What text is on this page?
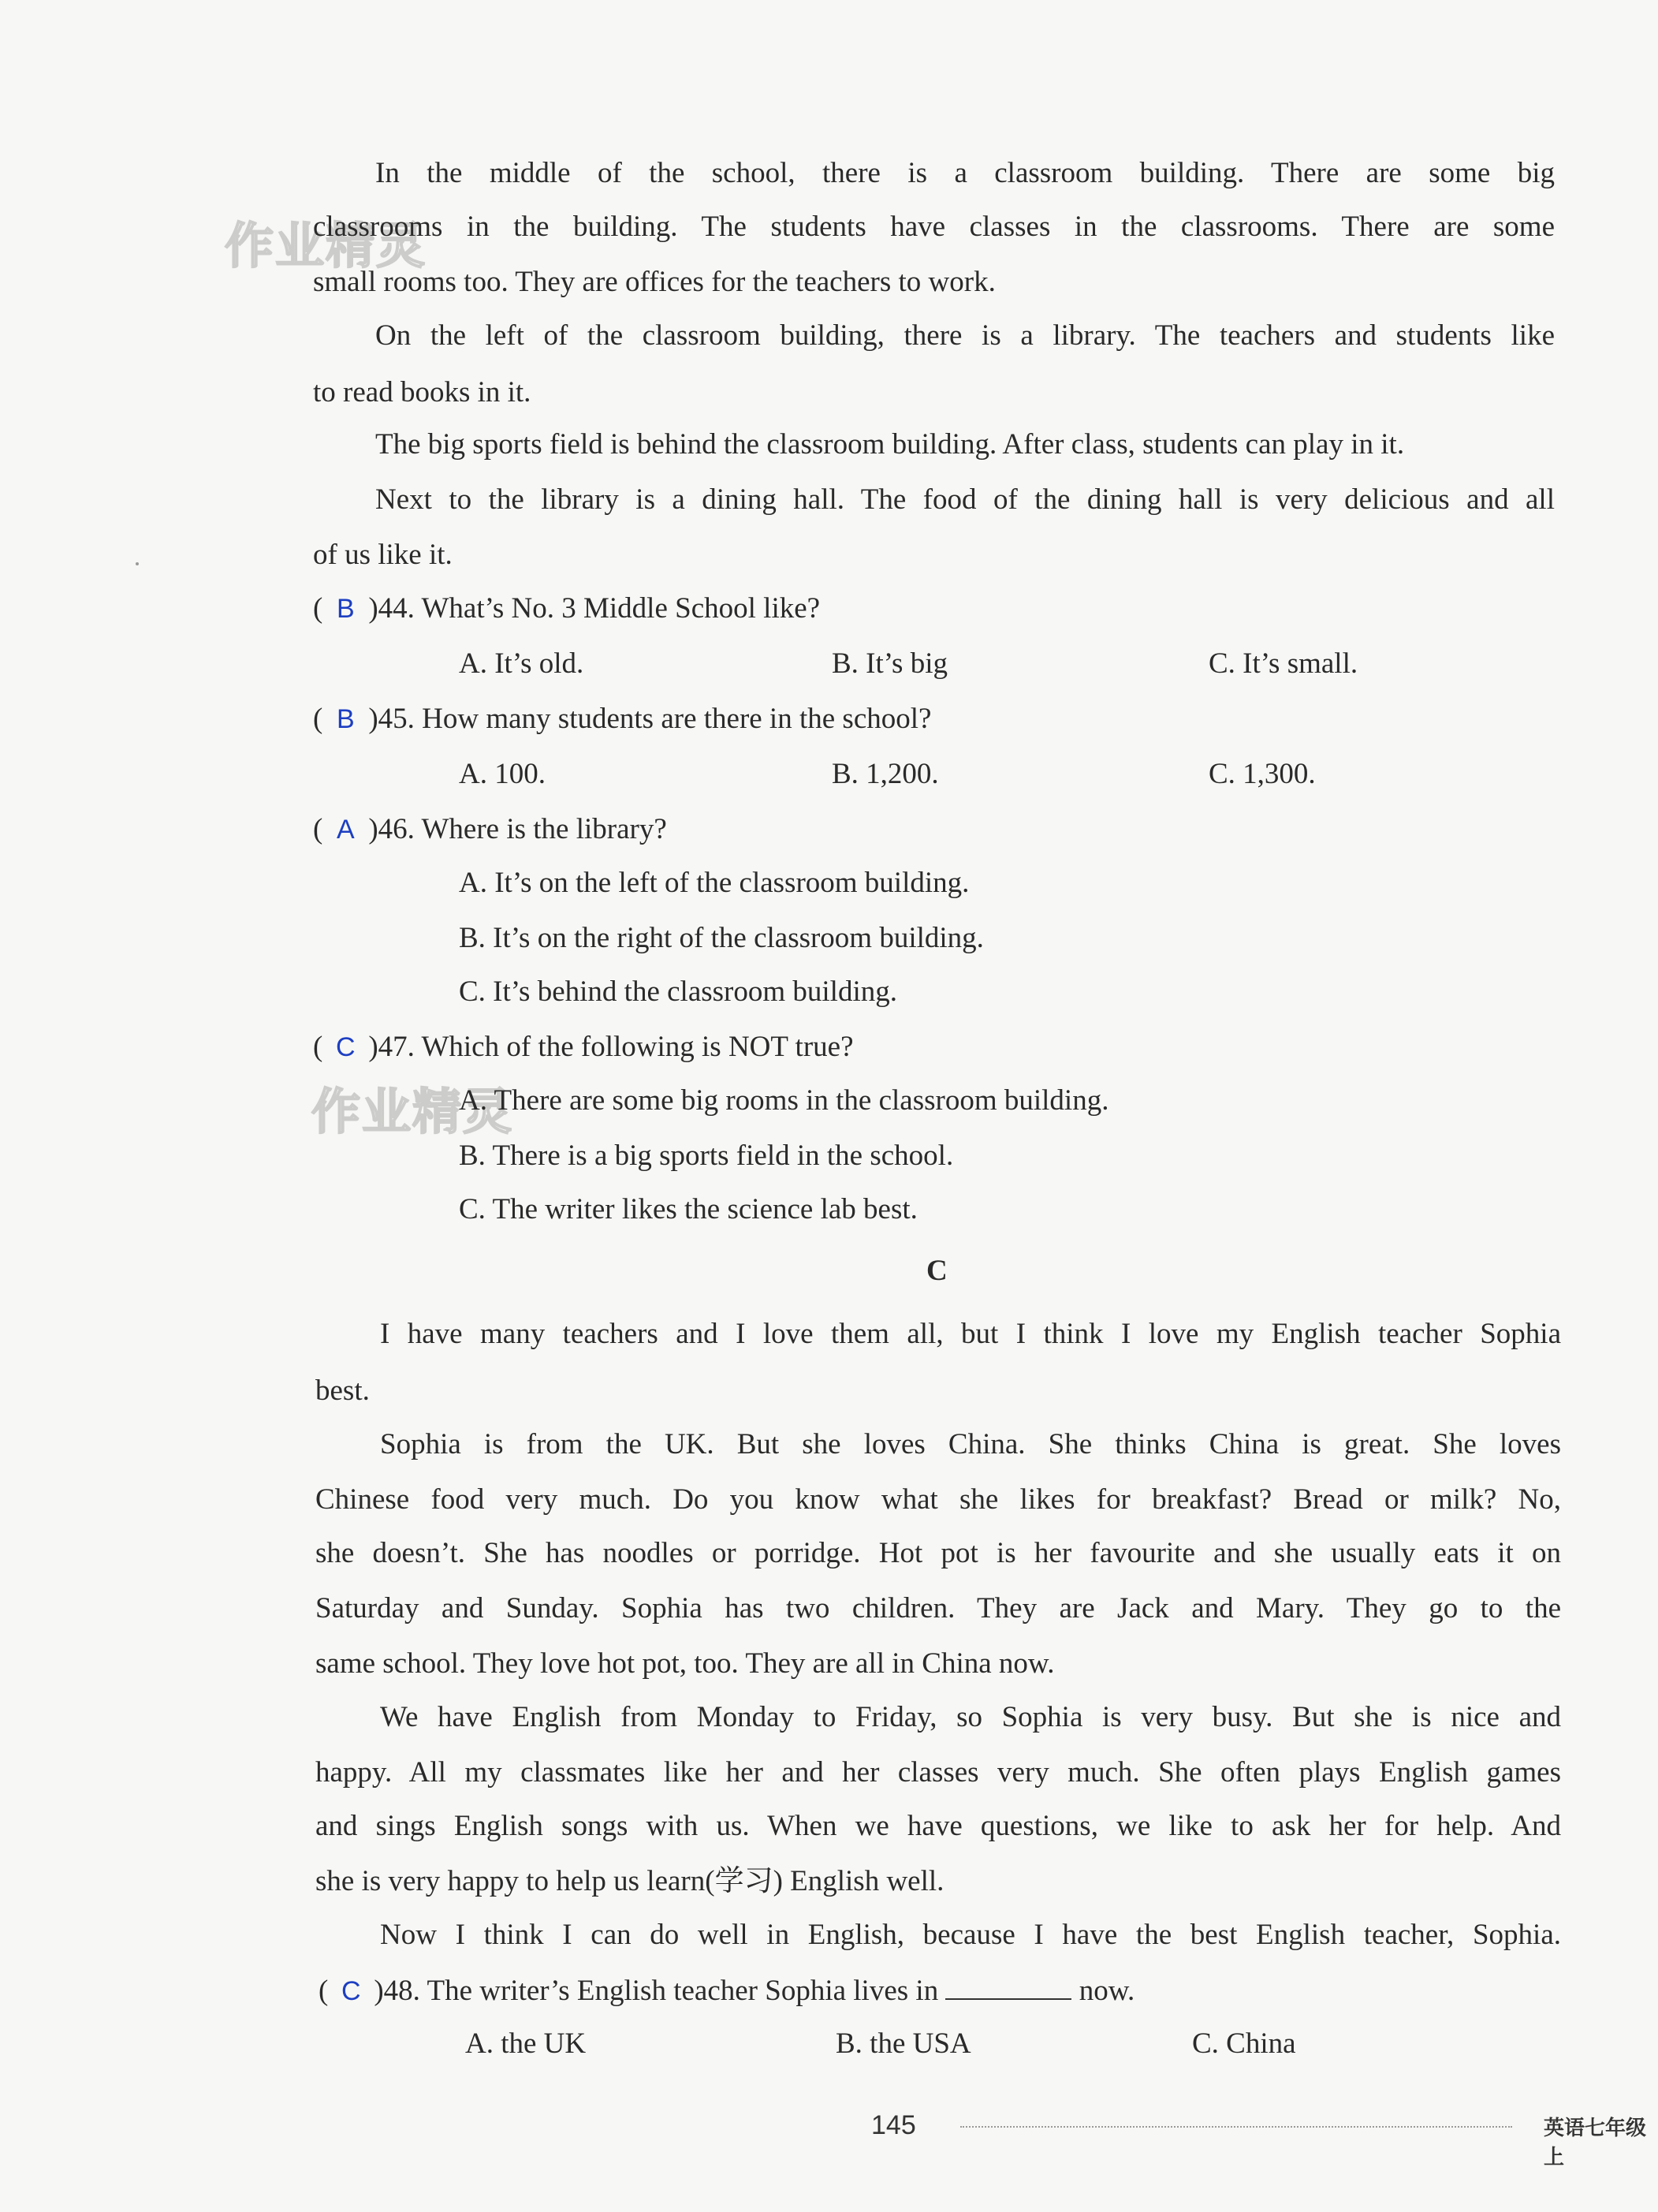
作业精灵
作业精灵
In the middle of the school, there is a classroom building. There are some big
classrooms in the building. The students have classes in the classrooms. There are some
small rooms too. They are offices for the teachers to work.
On the left of the classroom building, there is a library. The teachers and students like
to read books in it.
The big sports field is behind the classroom building. After class, students can play in it.
Next to the library is a dining hall. The food of the dining hall is very delicious and all
of us like it.
( B )44. What’s No. 3 Middle School like?
A. It’s old.	B. It’s big	C. It’s small.
( B )45. How many students are there in the school?
A. 100.	B. 1,200.	C. 1,300.
( A )46. Where is the library?
A. It’s on the left of the classroom building.
B. It’s on the right of the classroom building.
C. It’s behind the classroom building.
( C )47. Which of the following is NOT true?
A. There are some big rooms in the classroom building.
B. There is a big sports field in the school.
C. The writer likes the science lab best.
C
I have many teachers and I love them all, but I think I love my English teacher Sophia
best.
Sophia is from the UK. But she loves China. She thinks China is great. She loves
Chinese food very much. Do you know what she likes for breakfast? Bread or milk? No,
she doesn’t. She has noodles or porridge. Hot pot is her favourite and she usually eats it on
Saturday and Sunday. Sophia has two children. They are Jack and Mary. They go to the
same school. They love hot pot, too. They are all in China now.
We have English from Monday to Friday, so Sophia is very busy. But she is nice and
happy. All my classmates like her and her classes very much. She often plays English games
and sings English songs with us. When we have questions, we like to ask her for help. And
she is very happy to help us learn(学习) English well.
Now I think I can do well in English, because I have the best English teacher, Sophia.
( C )48. The writer’s English teacher Sophia lives in	now.
A. the UK	B. the USA	C. China
145	英语七年级上
